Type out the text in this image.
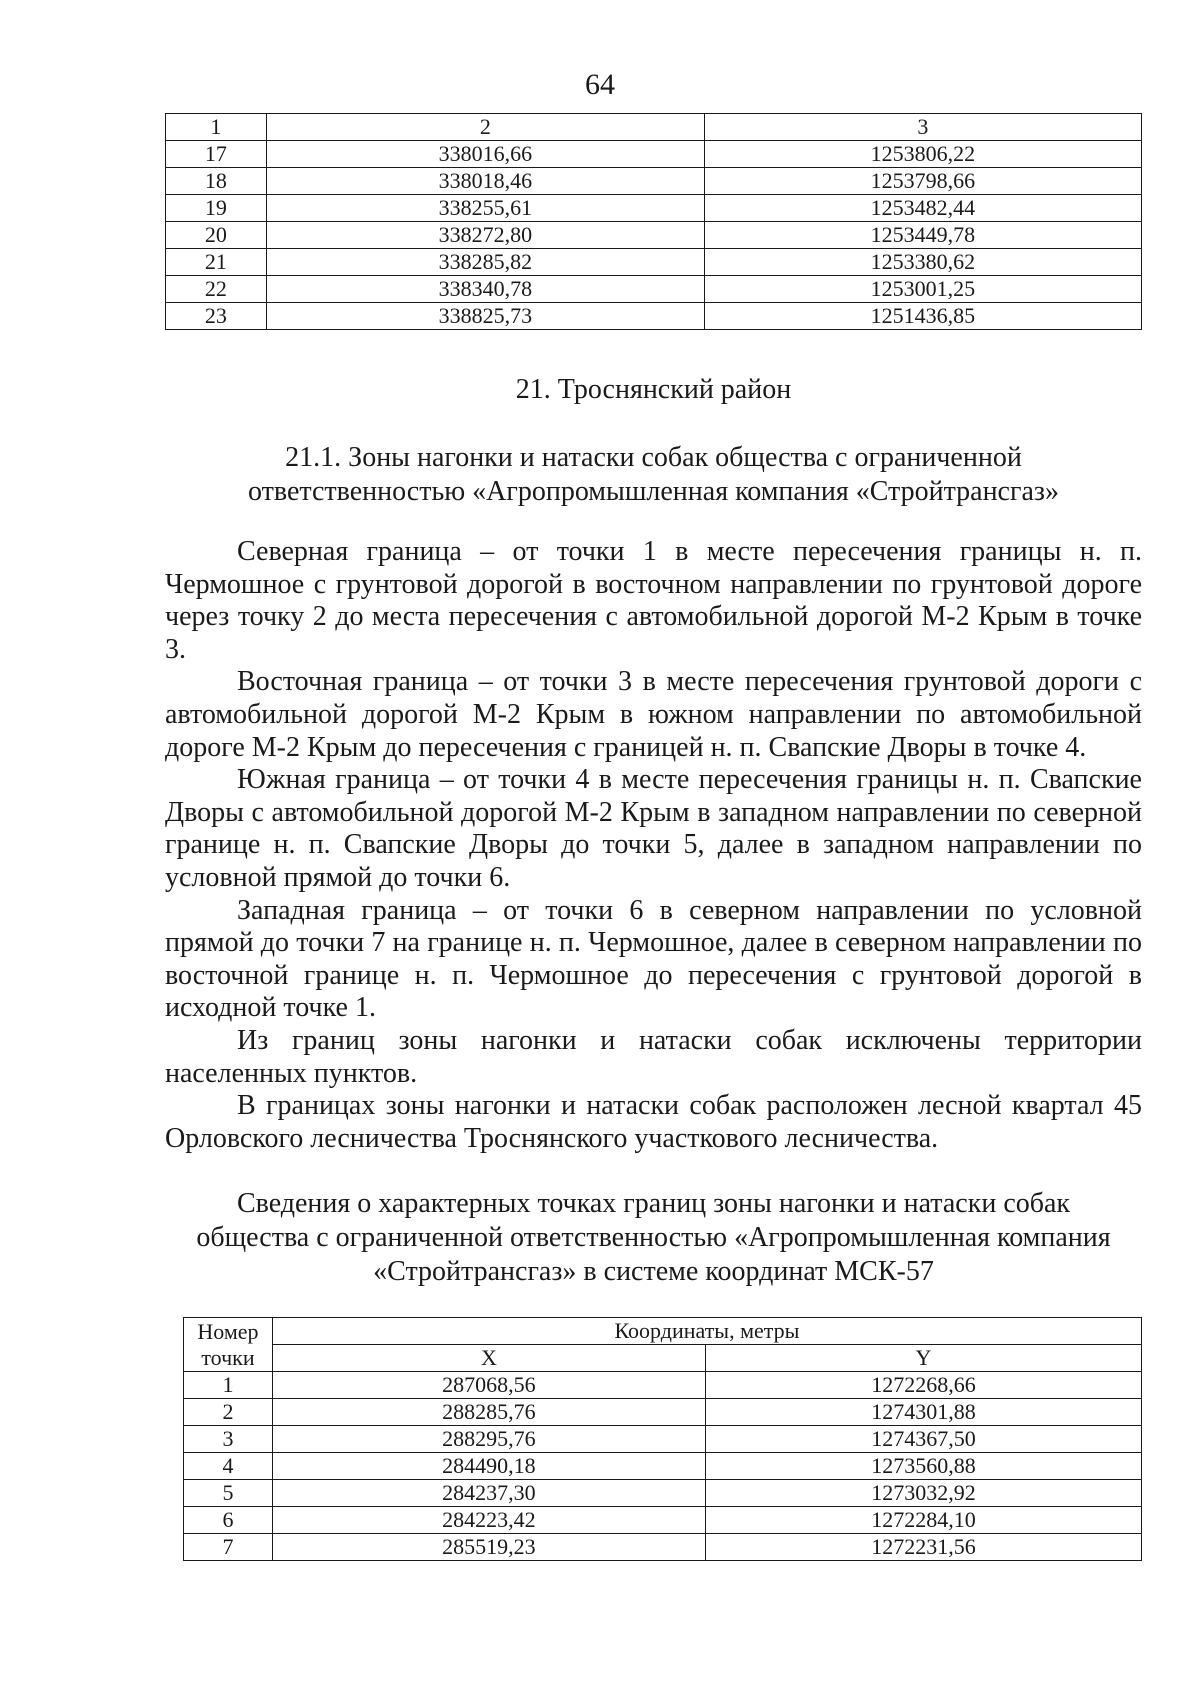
64
1	2	3
17	338016,66	1253806,22
18	338018,46	1253798,66
19	338255,61	1253482,44
20	338272,80	1253449,78
21	338285,82	1253380,62
22	338340,78	1253001,25
23	338825,73	1251436,85
21. Троснянский район
21.1. Зоны нагонки и натаски собак общества с ограниченной
ответственностью «Агропромышленная компания «Стройтрансгаз»

Северная граница – от точки 1 в месте пересечения границы н. п. Чермошное с грунтовой дорогой в восточном направлении по грунтовой дороге через точку 2 до места пересечения с автомобильной дорогой М-2 Крым в точке 3.

Восточная граница – от точки 3 в месте пересечения грунтовой дороги с автомобильной дорогой М-2 Крым в южном направлении по автомобильной дороге М-2 Крым до пересечения с границей н. п. Свапские Дворы в точке 4.

Южная граница – от точки 4 в месте пересечения границы н. п. Свапские Дворы с автомобильной дорогой М-2 Крым в западном направлении по северной границе н. п. Свапские Дворы до точки 5, далее в западном направлении по условной прямой до точки 6.

Западная граница – от точки 6 в северном направлении по условной прямой до точки 7 на границе н. п. Чермошное, далее в северном направлении по восточной границе н. п. Чермошное до пересечения с грунтовой дорогой в исходной точке 1.

Из границ зоны нагонки и натаски собак исключены территории населенных пунктов.

В границах зоны нагонки и натаски собак расположен лесной квартал 45 Орловского лесничества Троснянского участкового лесничества.

Сведения о характерных точках границ зоны нагонки и натаски собак
общества с ограниченной ответственностью «Агропромышленная компания
«Стройтрансгаз» в системе координат МСК-57
Номер
точки	Координаты, метры	
	X	Y
1	287068,56	1272268,66
2	288285,76	1274301,88
3	288295,76	1274367,50
4	284490,18	1273560,88
5	284237,30	1273032,92
6	284223,42	1272284,10
7	285519,23	1272231,56
